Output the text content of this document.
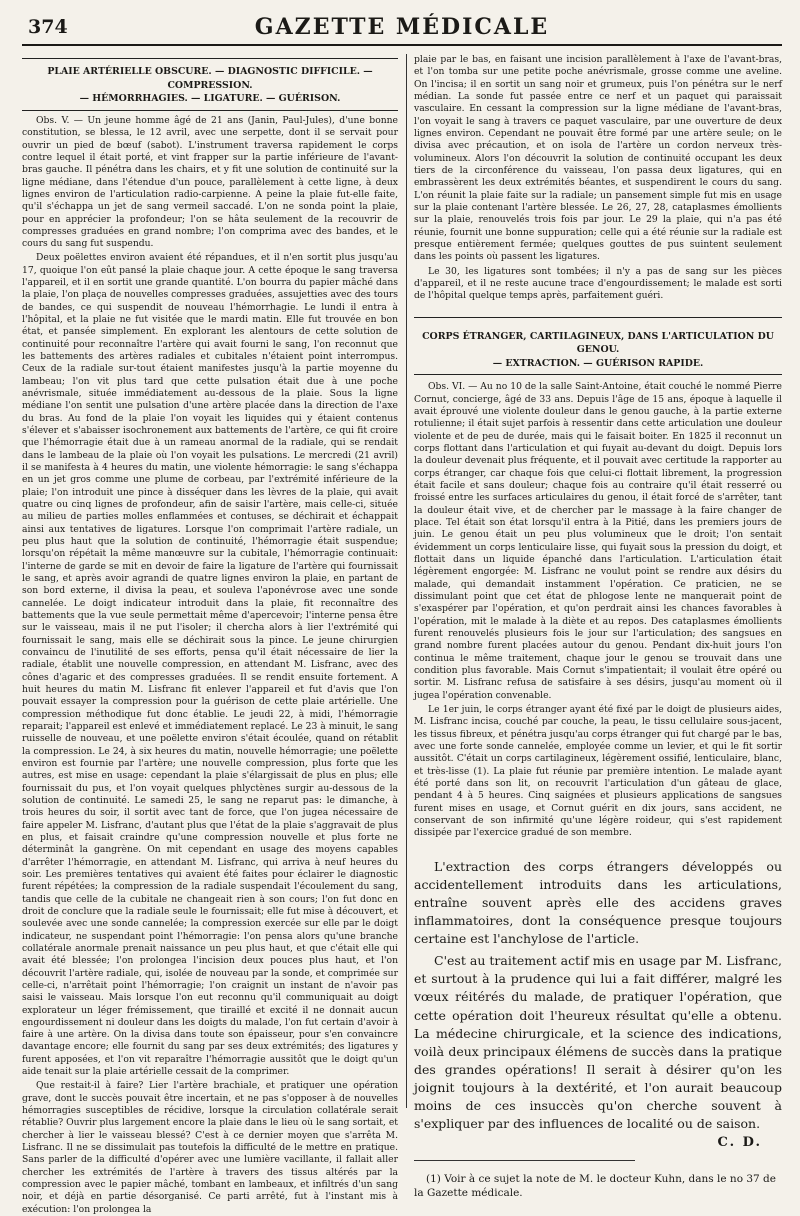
374	GAZETTE MÉDICALE
PLAIE ARTÉRIELLE OBSCURE. — DIAGNOSTIC DIFFICILE. — COMPRESSION.
— HÉMORRHAGIES. — LIGATURE. — GUÉRISON.

Obs. V. — Un jeune homme âgé de 21 ans (Janin, Paul-Jules), d'une bonne constitution, se blessa, le 12 avril, avec une serpette, dont il se servait pour ouvrir un pied de bœuf (sabot). L'instrument traversa rapidement le corps contre lequel il était porté, et vint frapper sur la partie inférieure de l'avant-bras gauche. Il pénétra dans les chairs, et y fit une solution de continuité sur la ligne médiane, dans l'étendue d'un pouce, parallèlement à cette ligne, à deux lignes environ de l'articulation radio-carpienne. A peine la plaie fut-elle faite, qu'il s'échappa un jet de sang vermeil saccadé. L'on ne sonda point la plaie, pour en apprécier la profondeur; l'on se hâta seulement de la recouvrir de compresses graduées en grand nombre; l'on comprima avec des bandes, et le cours du sang fut suspendu.

Deux poëlettes environ avaient été répandues, et il n'en sortit plus jusqu'au 17, quoique l'on eût pansé la plaie chaque jour. A cette époque le sang traversa l'appareil, et il en sortit une grande quantité. L'on bourra du papier mâché dans la plaie, l'on plaça de nouvelles compresses graduées, assujetties avec des tours de bandes, ce qui suspendit de nouveau l'hémorrhagie. Le lundi il entra à l'hôpital, et la plaie ne fut visitée que le mardi matin. Elle fut trouvée en bon état, et pansée simplement. En explorant les alentours de cette solution de continuité pour reconnaître l'artère qui avait fourni le sang, l'on reconnut que les battements des artères radiales et cubitales n'étaient point interrompus. Ceux de la radiale sur-tout étaient manifestes jusqu'à la partie moyenne du lambeau; l'on vit plus tard que cette pulsation était due à une poche anévrismale, située immédiatement au-dessous de la plaie. Sous la ligne médiane l'on sentit une pulsation d'une artère placée dans la direction de l'axe du bras. Au fond de la plaie l'on voyait les liquides qui y étaient contenus s'élever et s'abaisser isochronement aux battements de l'artère, ce qui fit croire que l'hémorragie était due à un rameau anormal de la radiale, qui se rendait dans le lambeau de la plaie où l'on voyait les pulsations. Le mercredi (21 avril) il se manifesta à 4 heures du matin, une violente hémorragie: le sang s'échappa en un jet gros comme une plume de corbeau, par l'extrémité inférieure de la plaie; l'on introduit une pince à disséquer dans les lèvres de la plaie, qui avait quatre ou cinq lignes de profondeur, afin de saisir l'artère, mais celle-ci, située au milieu de parties molles enflammées et contuses, se déchirait et échappait ainsi aux tentatives de ligatures. Lorsque l'on comprimait l'artère radiale, un peu plus haut que la solution de continuité, l'hémorragie était suspendue; lorsqu'on répétait la même manœuvre sur la cubitale, l'hémorragie continuait: l'interne de garde se mit en devoir de faire la ligature de l'artère qui fournissait le sang, et après avoir agrandi de quatre lignes environ la plaie, en partant de son bord externe, il divisa la peau, et souleva l'aponévrose avec une sonde cannelée. Le doigt indicateur introduit dans la plaie, fit reconnaître des battements que la vue seule permettait même d'apercevoir; l'interne pensa être sur le vaisseau, mais il ne put l'isoler; il chercha alors à lier l'extrémité qui fournissait le sang, mais elle se déchirait sous la pince. Le jeune chirurgien convaincu de l'inutilité de ses efforts, pensa qu'il était nécessaire de lier la radiale, établit une nouvelle compression, en attendant M. Lisfranc, avec des cônes d'agaric et des compresses graduées. Il se rendit ensuite fortement. A huit heures du matin M. Lisfranc fit enlever l'appareil et fut d'avis que l'on pouvait essayer la compression pour la guérison de cette plaie artérielle. Une compression méthodique fut donc établie. Le jeudi 22, à midi, l'hémorragie reparait; l'appareil est enlevé et immédiatement replacé. Le 23 à minuit, le sang ruisselle de nouveau, et une poëlette environ s'était écoulée, quand on rétablit la compression. Le 24, à six heures du matin, nouvelle hémorragie; une poëlette environ est fournie par l'artère; une nouvelle compression, plus forte que les autres, est mise en usage: cependant la plaie s'élargissait de plus en plus; elle fournissait du pus, et l'on voyait quelques phlyctènes surgir au-dessous de la solution de continuité. Le samedi 25, le sang ne reparut pas: le dimanche, à trois heures du soir, il sortit avec tant de force, que l'on jugea nécessaire de faire appeler M. Lisfranc, d'autant plus que l'état de la plaie s'aggravait de plus en plus, et faisait craindre qu'une compression nouvelle et plus forte ne déterminât la gangrène. On mit cependant en usage des moyens capables d'arrêter l'hémorragie, en attendant M. Lisfranc, qui arriva à neuf heures du soir. Les premières tentatives qui avaient été faites pour éclairer le diagnostic furent répétées; la compression de la radiale suspendait l'écoulement du sang, tandis que celle de la cubitale ne changeait rien à son cours; l'on fut donc en droit de conclure que la radiale seule le fournissait; elle fut mise à découvert, et soulevée avec une sonde cannelée; la compression exercée sur elle par le doigt indicateur, ne suspendant point l'hémorragie: l'on pensa alors qu'une branche collatérale anormale prenait naissance un peu plus haut, et que c'était elle qui avait été blessée; l'on prolongea l'incision deux pouces plus haut, et l'on découvrit l'artère radiale, qui, isolée de nouveau par la sonde, et comprimée sur celle-ci, n'arrêtait point l'hémorragie; l'on craignit un instant de n'avoir pas saisi le vaisseau. Mais lorsque l'on eut reconnu qu'il communiquait au doigt explorateur un léger frémissement, que tiraillé et excité il ne donnait aucun engourdissement ni douleur dans les doigts du malade, l'on fut certain d'avoir à faire à une artère. On la divisa dans toute son épaisseur, pour s'en convaincre davantage encore; elle fournit du sang par ses deux extrémités; des ligatures y furent apposées, et l'on vit reparaître l'hémorragie aussitôt que le doigt qu'un aide tenait sur la plaie artérielle cessait de la comprimer.

Que restait-il à faire? Lier l'artère brachiale, et pratiquer une opération grave, dont le succès pouvait être incertain, et ne pas s'opposer à de nouvelles hémorragies susceptibles de récidive, lorsque la circulation collatérale serait rétablie? Ouvrir plus largement encore la plaie dans le lieu où le sang sortait, et chercher à lier le vaisseau blessé? C'est à ce dernier moyen que s'arrêta M. Lisfranc. Il ne se dissimulait pas toutefois la difficulté de le mettre en pratique. Sans parler de la difficulté d'opérer avec une lumière vacillante, il fallait aller chercher les extrémités de l'artère à travers des tissus altérés par la compression avec le papier mâché, tombant en lambeaux, et infiltrés d'un sang noir, et déjà en partie désorganisé. Ce parti arrêté, fut à l'instant mis à exécution: l'on prolongea la

plaie par le bas, en faisant une incision parallèlement à l'axe de l'avant-bras, et l'on tomba sur une petite poche anévrismale, grosse comme une aveline. On l'incisa; il en sortit un sang noir et grumeux, puis l'on pénétra sur le nerf médian. La sonde fut passée entre ce nerf et un paquet qui paraissait vasculaire. En cessant la compression sur la ligne médiane de l'avant-bras, l'on voyait le sang à travers ce paquet vasculaire, par une ouverture de deux lignes environ. Cependant ne pouvait être formé par une artère seule; on le divisa avec précaution, et on isola de l'artère un cordon nerveux très-volumineux. Alors l'on découvrit la solution de continuité occupant les deux tiers de la circonférence du vaisseau, l'on passa deux ligatures, qui en embrassèrent les deux extrémités béantes, et suspendirent le cours du sang. L'on réunit la plaie faite sur la radiale; un pansement simple fut mis en usage sur la plaie contenant l'artère blessée. Le 26, 27, 28, cataplasmes émollients sur la plaie, renouvelés trois fois par jour. Le 29 la plaie, qui n'a pas été réunie, fournit une bonne suppuration; celle qui a été réunie sur la radiale est presque entièrement fermée; quelques gouttes de pus suintent seulement dans les points où passent les ligatures.

Le 30, les ligatures sont tombées; il n'y a pas de sang sur les pièces d'appareil, et il ne reste aucune trace d'engourdissement; le malade est sorti de l'hôpital quelque temps après, parfaitement guéri.

CORPS ÉTRANGER, CARTILAGINEUX, DANS L'ARTICULATION DU GENOU.
— EXTRACTION. — GUÉRISON RAPIDE.

Obs. VI. — Au no 10 de la salle Saint-Antoine, était couché le nommé Pierre Cornut, concierge, âgé de 33 ans. Depuis l'âge de 15 ans, époque à laquelle il avait éprouvé une violente douleur dans le genou gauche, à la partie externe rotulienne; il était sujet parfois à ressentir dans cette articulation une douleur violente et de peu de durée, mais qui le faisait boiter. En 1825 il reconnut un corps flottant dans l'articulation et qui fuyait au-devant du doigt. Depuis lors la douleur devenait plus fréquente, et il pouvait avec certitude la rapporter au corps étranger, car chaque fois que celui-ci flottait librement, la progression était facile et sans douleur; chaque fois au contraire qu'il était resserré ou froissé entre les surfaces articulaires du genou, il était forcé de s'arrêter, tant la douleur était vive, et de chercher par le massage à la faire changer de place. Tel était son état lorsqu'il entra à la Pitié, dans les premiers jours de juin. Le genou était un peu plus volumineux que le droit; l'on sentait évidemment un corps lenticulaire lisse, qui fuyait sous la pression du doigt, et flottait dans un liquide épanché dans l'articulation. L'articulation était légèrement engorgée: M. Lisfranc ne voulut point se rendre aux désirs du malade, qui demandait instamment l'opération. Ce praticien, ne se dissimulant point que cet état de phlogose lente ne manquerait point de s'exaspérer par l'opération, et qu'on perdrait ainsi les chances favorables à l'opération, mit le malade à la diète et au repos. Des cataplasmes émollients furent renouvelés plusieurs fois le jour sur l'articulation; des sangsues en grand nombre furent placées autour du genou. Pendant dix-huit jours l'on continua le même traitement, chaque jour le genou se trouvait dans une condition plus favorable. Mais Cornut s'impatientait; il voulait être opéré ou sortir. M. Lisfranc refusa de satisfaire à ses désirs, jusqu'au moment où il jugea l'opération convenable.

Le 1er juin, le corps étranger ayant été fixé par le doigt de plusieurs aides, M. Lisfranc incisa, couché par couche, la peau, le tissu cellulaire sous-jacent, les tissus fibreux, et pénétra jusqu'au corps étranger qui fut chargé par le bas, avec une forte sonde cannelée, employée comme un levier, et qui le fit sortir aussitôt. C'était un corps cartilagineux, légèrement ossifié, lenticulaire, blanc, et très-lisse (1). La plaie fut réunie par première intention. Le malade ayant été porté dans son lit, on recouvrit l'articulation d'un gâteau de glace, pendant 4 à 5 heures. Cinq saignées et plusieurs applications de sangsues furent mises en usage, et Cornut guérit en dix jours, sans accident, ne conservant de son infirmité qu'une légère roideur, qui s'est rapidement dissipée par l'exercice gradué de son membre.

L'extraction des corps étrangers développés ou accidentellement introduits dans les articulations, entraîne souvent après elle des accidens graves inflammatoires, dont la conséquence presque toujours certaine est l'anchylose de l'article.

C'est au traitement actif mis en usage par M. Lisfranc, et surtout à la prudence qui lui a fait différer, malgré les vœux réitérés du malade, de pratiquer l'opération, que cette opération doit l'heureux résultat qu'elle a obtenu. La médecine chirurgicale, et la science des indications, voilà deux principaux élémens de succès dans la pratique des grandes opérations! Il serait à désirer qu'on les joignit toujours à la dextérité, et l'on aurait beaucoup moins de ces insuccès qu'on cherche souvent à s'expliquer par des influences de localité ou de saison.

C. D.

(1) Voir à ce sujet la note de M. le docteur Kuhn, dans le no 37 de la Gazette médicale.
